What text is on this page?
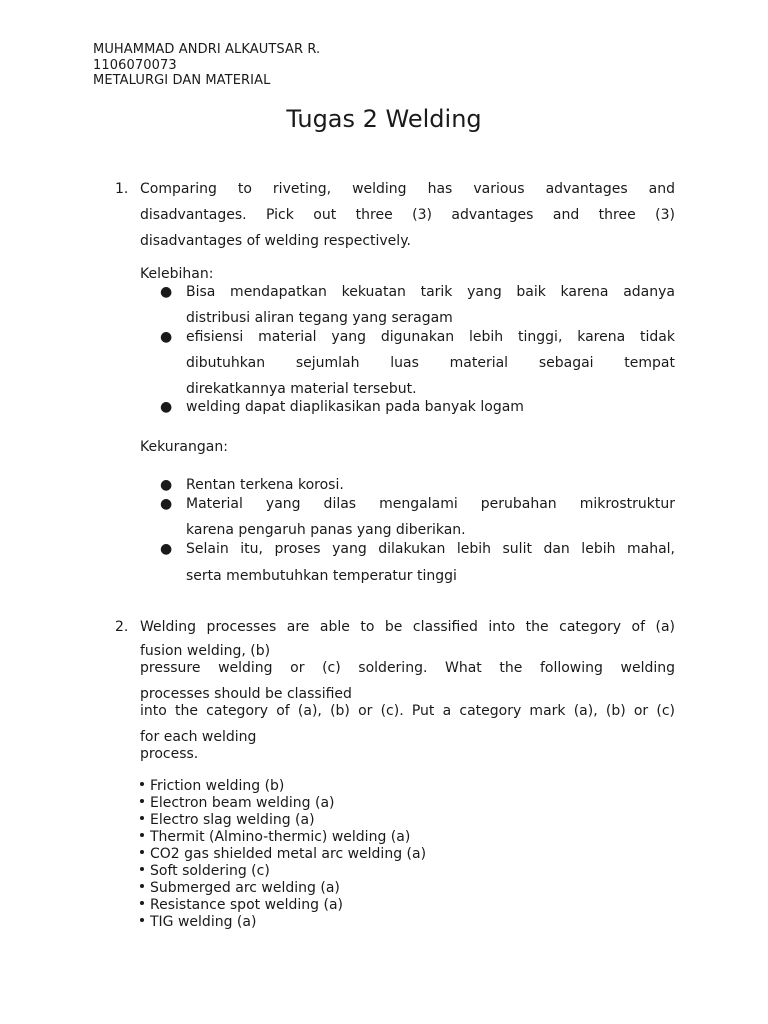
MUHAMMAD ANDRI ALKAUTSAR R.
1106070073
METALURGI DAN MATERIAL
Tugas 2 Welding
1. Comparing to riveting, welding has various advantages and
disadvantages. Pick out three (3) advantages and three (3)
disadvantages of welding respectively.
Kelebihan:
● Bisa mendapatkan kekuatan tarik yang baik karena adanya
distribusi aliran tegang yang seragam
● efisiensi material yang digunakan lebih tinggi, karena tidak
dibutuhkan sejumlah luas material sebagai tempat
direkatkannya material tersebut.
● welding dapat diaplikasikan pada banyak logam
Kekurangan:
● Rentan terkena korosi.
● Material yang dilas mengalami perubahan mikrostruktur
karena pengaruh panas yang diberikan.
● Selain itu, proses yang dilakukan lebih sulit dan lebih mahal,
serta membutuhkan temperatur tinggi
2. Welding processes are able to be classified into the category of (a)
fusion welding, (b)
pressure welding or (c) soldering. What the following welding
processes should be classified
into the category of (a), (b) or (c). Put a category mark (a), (b) or (c)
for each welding
process.
Friction welding (b)
Electron beam welding (a)
Electro slag welding (a)
Thermit (Almino-thermic) welding (a)
CO2 gas shielded metal arc welding (a)
Soft soldering (c)
Submerged arc welding (a)
Resistance spot welding (a)
TIG welding (a)
